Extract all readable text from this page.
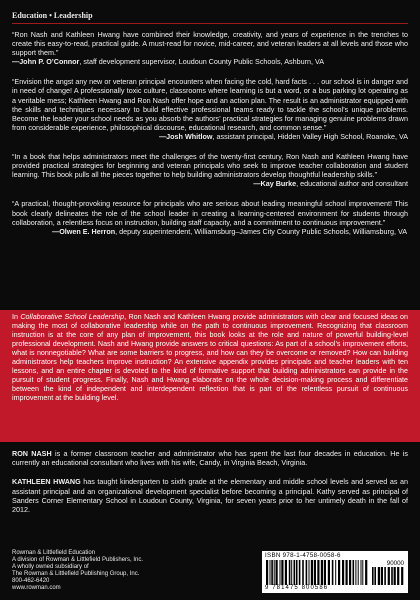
Education • Leadership

“Ron Nash and Kathleen Hwang have combined their knowledge, creativity, and years of experience in the trenches to create this easy-to-read, practical guide. A must-read for novice, mid-career, and veteran leaders at all levels and those who support them.”
—John P. O’Connor, staff development supervisor, Loudoun County Public Schools, Ashburn, VA

“Envision the angst any new or veteran principal encounters when facing the cold, hard facts . . . our school is in danger and in need of change! A professionally toxic culture, classrooms where learning is but a word, or a bus parking lot operating as a veritable mess; Kathleen Hwang and Ron Nash offer hope and an action plan. The result is an administrator equipped with the skills and techniques necessary to build effective professional teams ready to tackle the school’s unique problems. Become the leader your school needs as you absorb the authors’ practical strategies for managing genuine problems drawn from considerable experience, philosophical discourse, educational research, and common sense.”

—Josh Whitlow, assistant principal, Hidden Valley High School, Roanoke, VA

“In a book that helps administrators meet the challenges of the twenty-first century, Ron Nash and Kathleen Hwang have provided practical strategies for beginning and veteran principals who seek to improve teacher collaboration and student learning. This book pulls all the pieces together to help building administrators develop thoughtful leadership skills.”
—Kay Burke, educational author and consultant

“A practical, thought-provoking resource for principals who are serious about leading meaningful school improvement! This book clearly delineates the role of the school leader in creating a learning-centered environment for students through collaboration, a relentless focus on instruction, building staff capacity, and a commitment to continuous improvement.”
—Olwen E. Herron, deputy superintendent, Williamsburg–James City County Public Schools, Williamsburg, VA

In Collaborative School Leadership, Ron Nash and Kathleen Hwang provide administrators with clear and focused ideas on making the most of collaborative leadership while on the path to continuous improvement. Recognizing that classroom instruction is at the core of any plan of improvement, this book looks at the role and nature of powerful building-level professional development. Nash and Hwang provide answers to critical questions: As part of a school’s improvement efforts, what is nonnegotiable? What are some barriers to progress, and how can they be overcome or removed? How can building administrators help teachers improve instruction? An extensive appendix provides principals and teacher leaders with ten lessons, and an entire chapter is devoted to the kind of formative support that building administrators can provide in the pursuit of student progress. Finally, Nash and Hwang elaborate on the whole decision-making process and differentiate between the kind of independent and interdependent reflection that is part of the relentless pursuit of continuous improvement at the building level.

RON NASH is a former classroom teacher and administrator who has spent the last four decades in education. He is currently an educational consultant who lives with his wife, Candy, in Virginia Beach, Virginia.

KATHLEEN HWANG has taught kindergarten to sixth grade at the elementary and middle school levels and served as an assistant principal and an organizational development specialist before becoming a principal. Kathy served as principal of Sanders Corner Elementary School in Loudoun County, Virginia, for seven years prior to her untimely death in the fall of 2012.

Rowman & Littlefield Education
A division of Rowman & Littlefield Publishers, Inc.
A wholly owned subsidiary of
The Rowman & Littlefield Publishing Group, Inc.
800-462-6420
www.rowman.com
ISBN 978-1-4758-0058-6
90000
9 781475 800586
